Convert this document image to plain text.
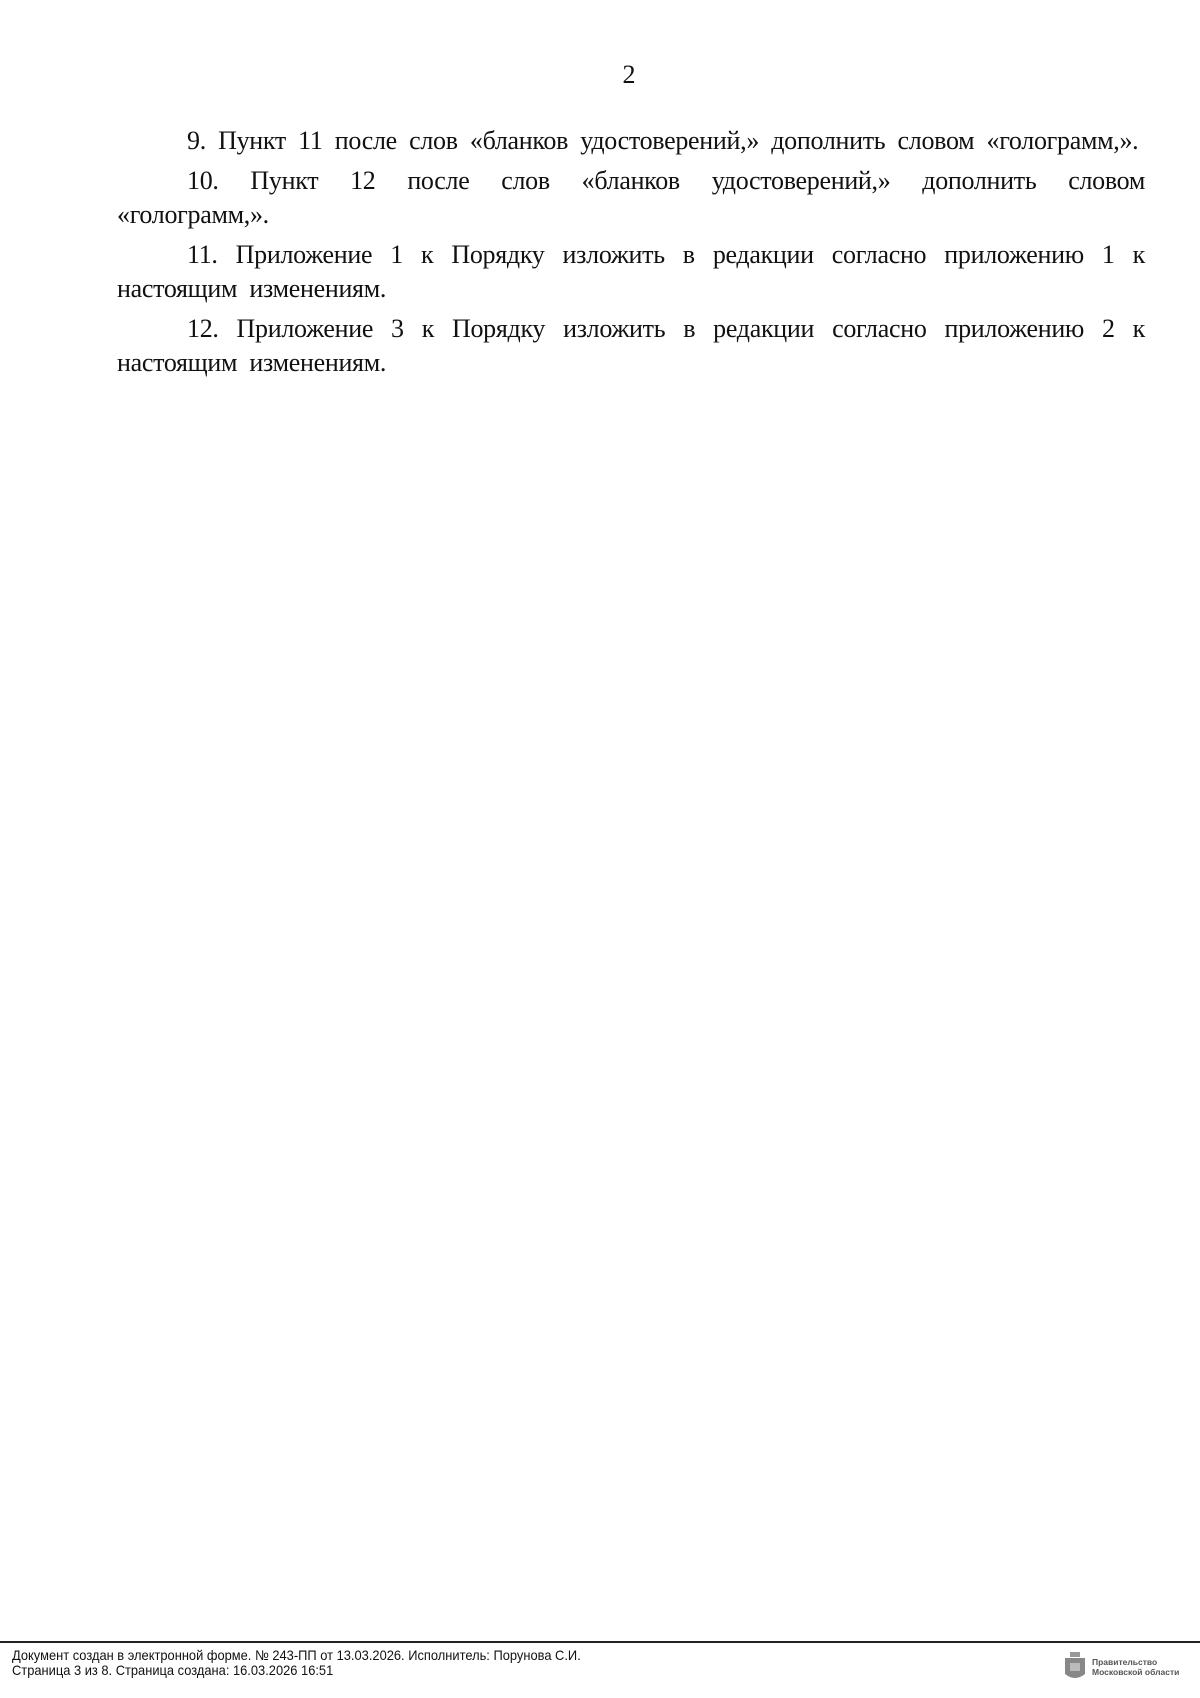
2

9. Пункт 11 после слов «бланков удостоверений,» дополнить словом «голограмм,».

10. Пункт 12 после слов «бланков удостоверений,» дополнить словом «голограмм,».

11. Приложение 1 к Порядку изложить в редакции согласно приложению 1 к настоящим изменениям.

12. Приложение 3 к Порядку изложить в редакции согласно приложению 2 к настоящим изменениям.

Документ создан в электронной форме. № 243-ПП от 13.03.2026. Исполнитель: Порунова С.И.
Страница 3 из 8. Страница создана: 16.03.2026 16:51	Правительство
Московской области
